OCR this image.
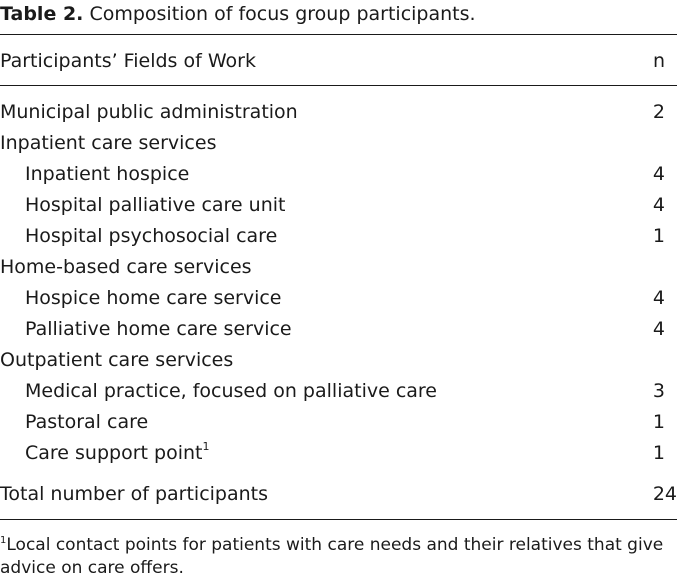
Table 2. Composition of focus group participants.
Participants’ Fields of Work	n
Municipal public administration	2
Inpatient care services
Inpatient hospice	4
Hospital palliative care unit	4
Hospital psychosocial care	1
Home-based care services
Hospice home care service	4
Palliative home care service	4
Outpatient care services
Medical practice, focused on palliative care	3
Pastoral care	1
Care support point$^1$	1
Total number of participants	24
$^1$Local contact points for patients with care needs and their relatives that give advice on care offers.
